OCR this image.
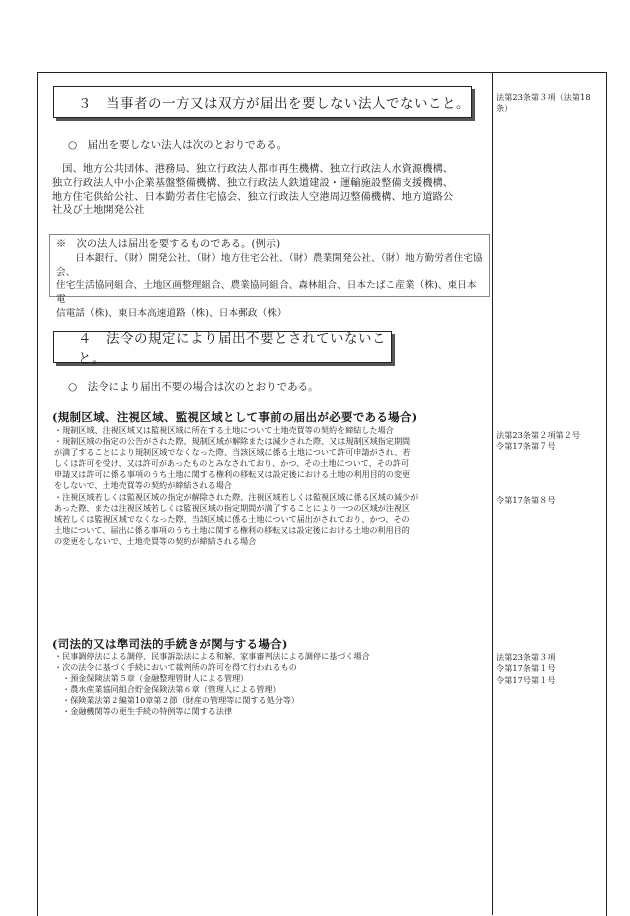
３　当事者の一方又は双方が届出を要しない法人でないこと。	法第23条第３項（法第18
条）
○　届出を要しない法人は次のとおりである。
　国、地方公共団体、港務局、独立行政法人都市再生機構、独立行政法人水資源機構、
独立行政法人中小企業基盤整備機構、独立行政法人鉄道建設・運輸施設整備支援機構、
地方住宅供給公社、日本勤労者住宅協会、独立行政法人空港周辺整備機構、地方道路公
社及び土地開発公社
※　次の法人は届出を要するものである。(例示)
　　日本銀行、（財）開発公社、（財）地方住宅公社、（財）農業開発公社、（財）地方勤労者住宅協会、
住宅生活協同組合、土地区画整理組合、農業協同組合、森林組合、日本たばこ産業（株)、東日本電
信電話（株)、東日本高速道路（株)、日本郵政（株）
４　法令の規定により届出不要とされていないこと。
○　法令により届出不要の場合は次のとおりである。
(規制区域、注視区域、監視区域として事前の届出が必要である場合)
・規制区域、注視区域又は監視区域に所在する土地について土地売買等の契約を締結した場合
・規制区域の指定の公告がされた際、規制区域が解除または減少された際、又は規制区域指定期間
が満了することにより規制区域でなくなった際、当該区域に係る土地について許可申請がされ、若
しくは許可を受け、又は許可があったものとみなされており、かつ、その土地について、その許可
申請又は許可に係る事項のうち土地に関する権利の移転又は設定後における土地の利用目的の変更
をしないで、土地売買等の契約が締結される場合
・注視区域若しくは監視区域の指定が解除された際、注視区域若しくは監視区域に係る区域の減少が
あった際、または注視区域若しくは監視区域の指定期間が満了することにより一つの区域が注視区
域若しくは監視区域でなくなった際、当該区域に係る土地について届出がされており、かつ、その
土地について、届出に係る事項のうち土地に関する権利の移転又は設定後における土地の利用目的
の変更をしないで、土地売買等の契約が締結される場合
法第23条第２項第２号
令第17条第７号
令第17条第８号
(司法的又は準司法的手続きが関与する場合)
・民事調停法による調停、民事訴訟法による和解、家事審判法による調停に基づく場合
・次の法令に基づく手続において裁判所の許可を得て行われるもの
　・預金保険法第５章（金融整理管財人による管理）
　・農水産業協同組合貯金保険法第６章（管理人による管理）
　・保険業法第２編第10章第２節（財産の管理等に関する処分等）
　・金融機関等の更生手続の特例等に関する法律
法第23条第３項
令第17条第１号
令第17号第１号
